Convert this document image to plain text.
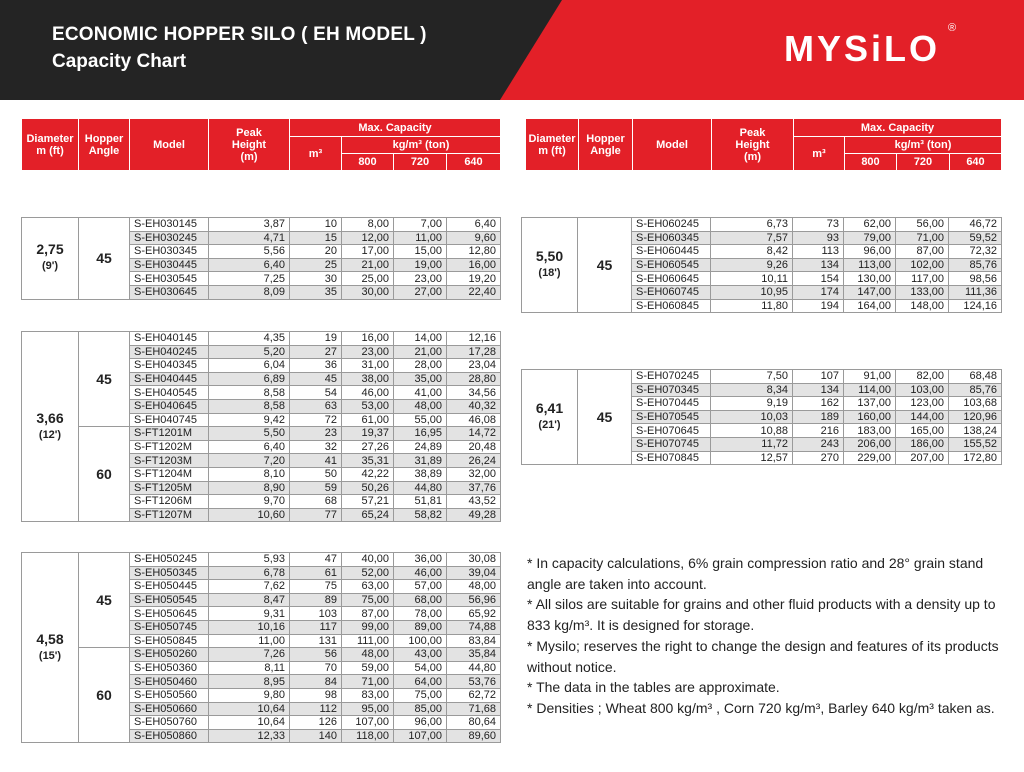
ECONOMIC HOPPER SILO ( EH MODEL )
Capacity Chart	MYSiLO ®
Diameter
m (ft)	Hopper
Angle	Model	Peak
Height
(m)	Max. Capacity			
				m³	kg/m³ (ton)		
					800	720	640
Diameter
m (ft)	Hopper
Angle	Model	Peak
Height
(m)	Max. Capacity			
				m³	kg/m³ (ton)		
					800	720	640
2,75
(9')	45	S-EH030145	3,87	10	8,00	7,00	6,40
		S-EH030245	4,71	15	12,00	11,00	9,60
		S-EH030345	5,56	20	17,00	15,00	12,80
		S-EH030445	6,40	25	21,00	19,00	16,00
		S-EH030545	7,25	30	25,00	23,00	19,20
		S-EH030645	8,09	35	30,00	27,00	22,40
3,66
(12')	45	S-EH040145	4,35	19	16,00	14,00	12,16
		S-EH040245	5,20	27	23,00	21,00	17,28
		S-EH040345	6,04	36	31,00	28,00	23,04
		S-EH040445	6,89	45	38,00	35,00	28,80
		S-EH040545	8,58	54	46,00	41,00	34,56
		S-EH040645	8,58	63	53,00	48,00	40,32
		S-EH040745	9,42	72	61,00	55,00	46,08
	60	S-FT1201M	5,50	23	19,37	16,95	14,72
		S-FT1202M	6,40	32	27,26	24,89	20,48
		S-FT1203M	7,20	41	35,31	31,89	26,24
		S-FT1204M	8,10	50	42,22	38,89	32,00
		S-FT1205M	8,90	59	50,26	44,80	37,76
		S-FT1206M	9,70	68	57,21	51,81	43,52
		S-FT1207M	10,60	77	65,24	58,82	49,28
4,58
(15')	45	S-EH050245	5,93	47	40,00	36,00	30,08
		S-EH050345	6,78	61	52,00	46,00	39,04
		S-EH050445	7,62	75	63,00	57,00	48,00
		S-EH050545	8,47	89	75,00	68,00	56,96
		S-EH050645	9,31	103	87,00	78,00	65,92
		S-EH050745	10,16	117	99,00	89,00	74,88
		S-EH050845	11,00	131	111,00	100,00	83,84
	60	S-EH050260	7,26	56	48,00	43,00	35,84
		S-EH050360	8,11	70	59,00	54,00	44,80
		S-EH050460	8,95	84	71,00	64,00	53,76
		S-EH050560	9,80	98	83,00	75,00	62,72
		S-EH050660	10,64	112	95,00	85,00	71,68
		S-EH050760	10,64	126	107,00	96,00	80,64
		S-EH050860	12,33	140	118,00	107,00	89,60
5,50
(18')	45	S-EH060245	6,73	73	62,00	56,00	46,72
		S-EH060345	7,57	93	79,00	71,00	59,52
		S-EH060445	8,42	113	96,00	87,00	72,32
		S-EH060545	9,26	134	113,00	102,00	85,76
		S-EH060645	10,11	154	130,00	117,00	98,56
		S-EH060745	10,95	174	147,00	133,00	111,36
		S-EH060845	11,80	194	164,00	148,00	124,16
6,41
(21')	45	S-EH070245	7,50	107	91,00	82,00	68,48
		S-EH070345	8,34	134	114,00	103,00	85,76
		S-EH070445	9,19	162	137,00	123,00	103,68
		S-EH070545	10,03	189	160,00	144,00	120,96
		S-EH070645	10,88	216	183,00	165,00	138,24
		S-EH070745	11,72	243	206,00	186,00	155,52
		S-EH070845	12,57	270	229,00	207,00	172,80

* In capacity calculations, 6% grain compression ratio and 28° grain stand angle are taken into account.

* All silos are suitable for grains and other fluid products with a density up to 833 kg/m³. It is designed for storage.

* Mysilo; reserves the right to change the design and features of its products without notice.

* The data in the tables are approximate.

* Densities ; Wheat 800 kg/m³ , Corn 720 kg/m³, Barley 640 kg/m³ taken as.
